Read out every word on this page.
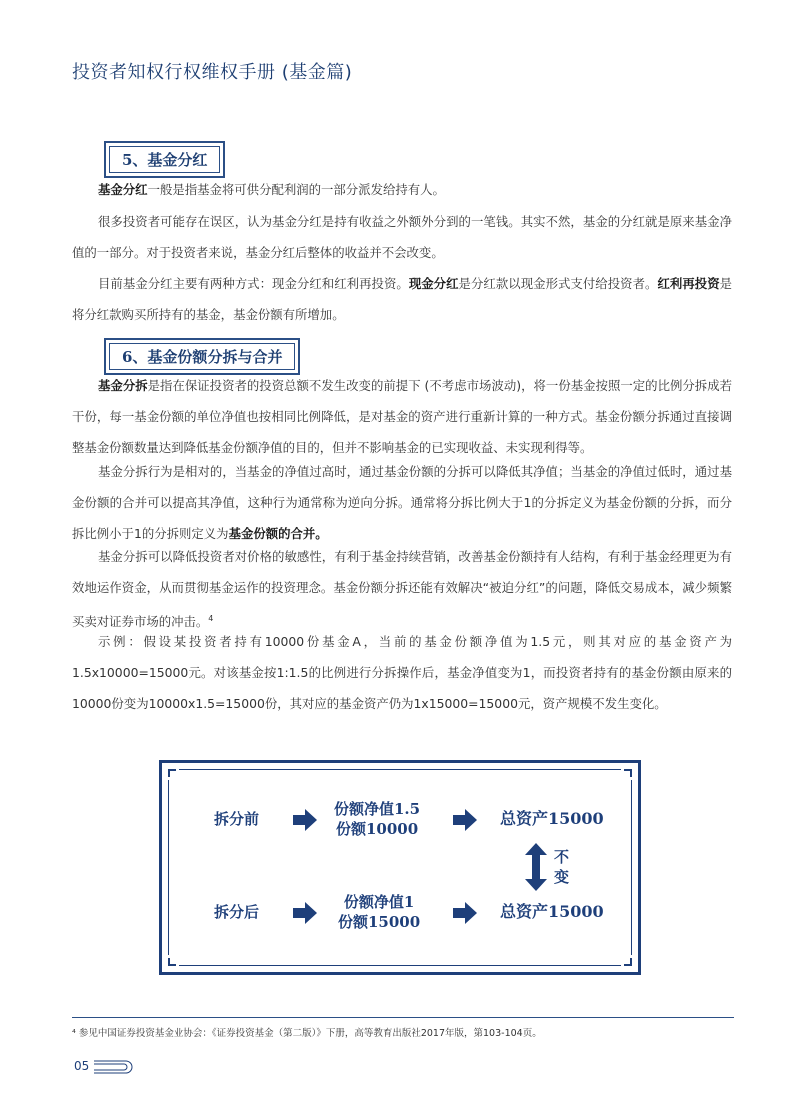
投资者知权行权维权手册 (基金篇)
5、基金分红

基金分红一般是指基金将可供分配利润的一部分派发给持有人。

很多投资者可能存在误区，认为基金分红是持有收益之外额外分到的一笔钱。其实不然，基金的分红就是原来基金净值的一部分。对于投资者来说，基金分红后整体的收益并不会改变。

目前基金分红主要有两种方式：现金分红和红利再投资。现金分红是分红款以现金形式支付给投资者。红利再投资是将分红款购买所持有的基金，基金份额有所增加。

6、基金份额分拆与合并

基金分拆是指在保证投资者的投资总额不发生改变的前提下 (不考虑市场波动)，将一份基金按照一定的比例分拆成若干份，每一基金份额的单位净值也按相同比例降低，是对基金的资产进行重新计算的一种方式。基金份额分拆通过直接调整基金份额数量达到降低基金份额净值的目的，但并不影响基金的已实现收益、未实现利得等。

基金分拆行为是相对的，当基金的净值过高时，通过基金份额的分拆可以降低其净值；当基金的净值过低时，通过基金份额的合并可以提高其净值，这种行为通常称为逆向分拆。通常将分拆比例大于1的分拆定义为基金份额的分拆，而分拆比例小于1的分拆则定义为基金份额的合并。

基金分拆可以降低投资者对价格的敏感性，有利于基金持续营销，改善基金份额持有人结构，有利于基金经理更为有效地运作资金，从而贯彻基金运作的投资理念。基金份额分拆还能有效解决“被迫分红”的问题，降低交易成本，减少频繁买卖对证券市场的冲击。$^4$

示例：假设某投资者持有10000份基金A，当前的基金份额净值为1.5元，则其对应的基金资产为1.5x10000=15000元。对该基金按1:1.5的比例进行分拆操作后，基金净值变为1，而投资者持有的基金份额由原来的10000份变为10000x1.5=15000份，其对应的基金资产仍为1x15000=15000元，资产规模不发生变化。

拆分前
份额净值1.5
份额10000
总资产15000
不
变
拆分后
份额净值1
份额15000
总资产15000
⁴ 参见中国证券投资基金业协会：《证券投资基金（第二版）》下册，高等教育出版社2017年版，第103-104页。
05
